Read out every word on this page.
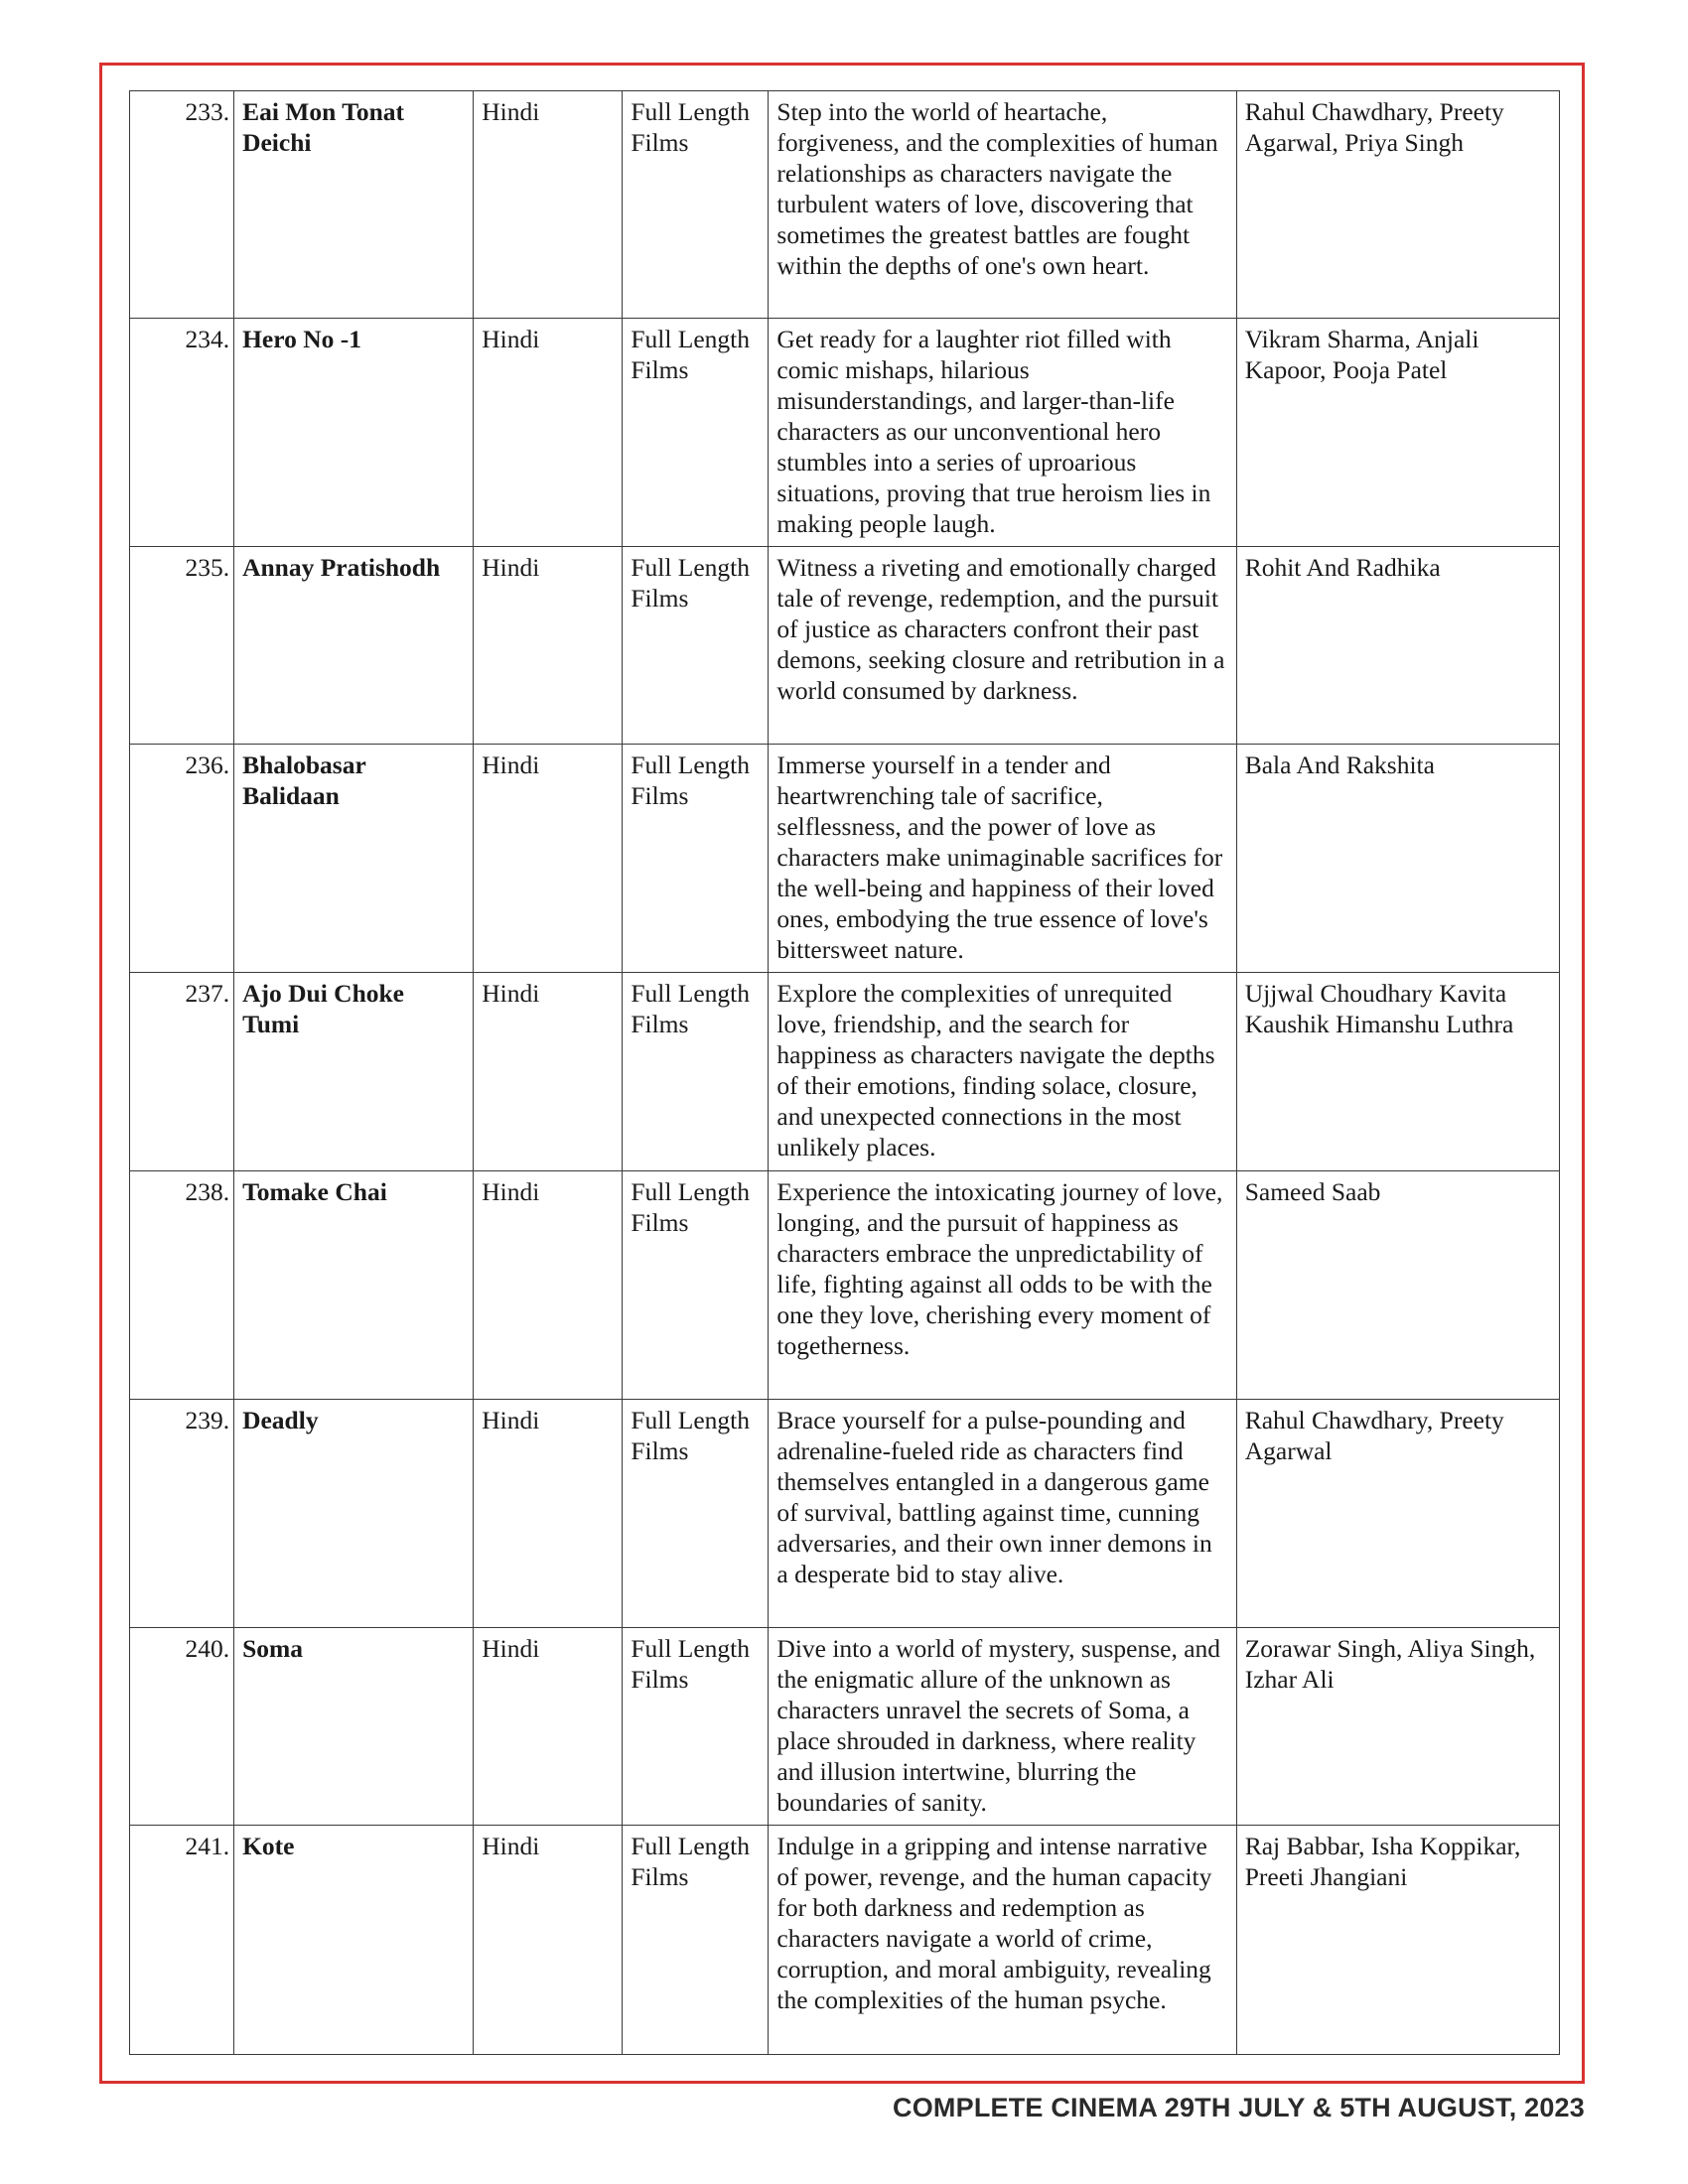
233.	Eai Mon Tonat Deichi	Hindi	Full Length Films	Step into the world of heartache, forgiveness, and the complexities of human relationships as characters navigate the turbulent waters of love, discovering that sometimes the greatest battles are fought within the depths of one's own heart.	Rahul Chawdhary, Preety Agarwal, Priya Singh
234.	Hero No -1	Hindi	Full Length Films	Get ready for a laughter riot filled with comic mishaps, hilarious misunderstandings, and larger-than-life characters as our unconventional hero stumbles into a series of uproarious situations, proving that true heroism lies in making people laugh.	Vikram Sharma, Anjali Kapoor, Pooja Patel
235.	Annay Pratishodh	Hindi	Full Length Films	Witness a riveting and emotionally charged tale of revenge, redemption, and the pursuit of justice as characters confront their past demons, seeking closure and retribution in a world consumed by darkness.	Rohit And Radhika
236.	Bhalobasar Balidaan	Hindi	Full Length Films	Immerse yourself in a tender and heartwrenching tale of sacrifice, selflessness, and the power of love as characters make unimaginable sacrifices for the well-being and happiness of their loved ones, embodying the true essence of love's bittersweet nature.	Bala And Rakshita
237.	Ajo Dui Choke Tumi	Hindi	Full Length Films	Explore the complexities of unrequited love, friendship, and the search for happiness as characters navigate the depths of their emotions, finding solace, closure, and unexpected connections in the most unlikely places.	Ujjwal Choudhary Kavita Kaushik Himanshu Luthra
238.	Tomake Chai	Hindi	Full Length Films	Experience the intoxicating journey of love, longing, and the pursuit of happiness as characters embrace the unpredictability of life, fighting against all odds to be with the one they love, cherishing every moment of togetherness.	Sameed Saab
239.	Deadly	Hindi	Full Length Films	Brace yourself for a pulse-pounding and adrenaline-fueled ride as characters find themselves entangled in a dangerous game of survival, battling against time, cunning adversaries, and their own inner demons in a desperate bid to stay alive.	Rahul Chawdhary, Preety Agarwal
240.	Soma	Hindi	Full Length Films	Dive into a world of mystery, suspense, and the enigmatic allure of the unknown as characters unravel the secrets of Soma, a place shrouded in darkness, where reality and illusion intertwine, blurring the boundaries of sanity.	Zorawar Singh, Aliya Singh, Izhar Ali
241.	Kote	Hindi	Full Length Films	Indulge in a gripping and intense narrative of power, revenge, and the human capacity for both darkness and redemption as characters navigate a world of crime, corruption, and moral ambiguity, revealing the complexities of the human psyche.	Raj Babbar, Isha Koppikar, Preeti Jhangiani
COMPLETE CINEMA 29TH JULY & 5TH AUGUST, 2023
